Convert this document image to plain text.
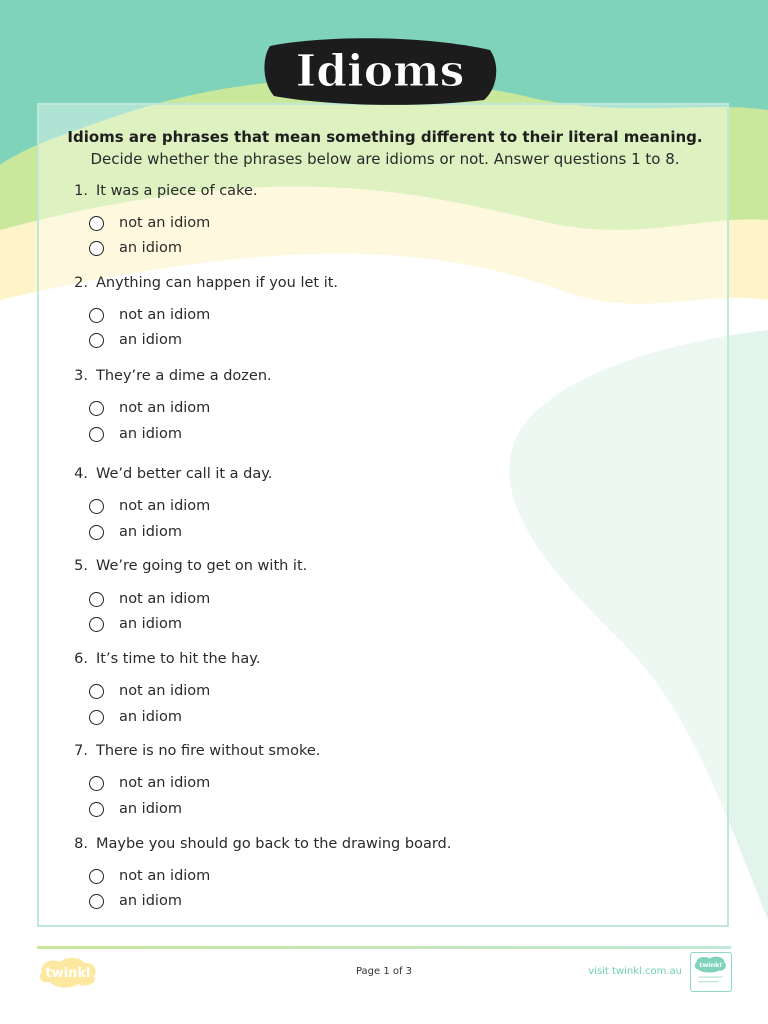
Idioms
Idioms are phrases that mean something different to their literal meaning.
Decide whether the phrases below are idioms or not. Answer questions 1 to 8.
1. It was a piece of cake.
not an idiom
an idiom
2. Anything can happen if you let it.
not an idiom
an idiom
3. They’re a dime a dozen.
not an idiom
an idiom
4. We’d better call it a day.
not an idiom
an idiom
5. We’re going to get on with it.
not an idiom
an idiom
6. It’s time to hit the hay.
not an idiom
an idiom
7. There is no fire without smoke.
not an idiom
an idiom
8. Maybe you should go back to the drawing board.
not an idiom
an idiom
twinkl	Page 1 of 3	visit twinkl.com.au
twinkl
